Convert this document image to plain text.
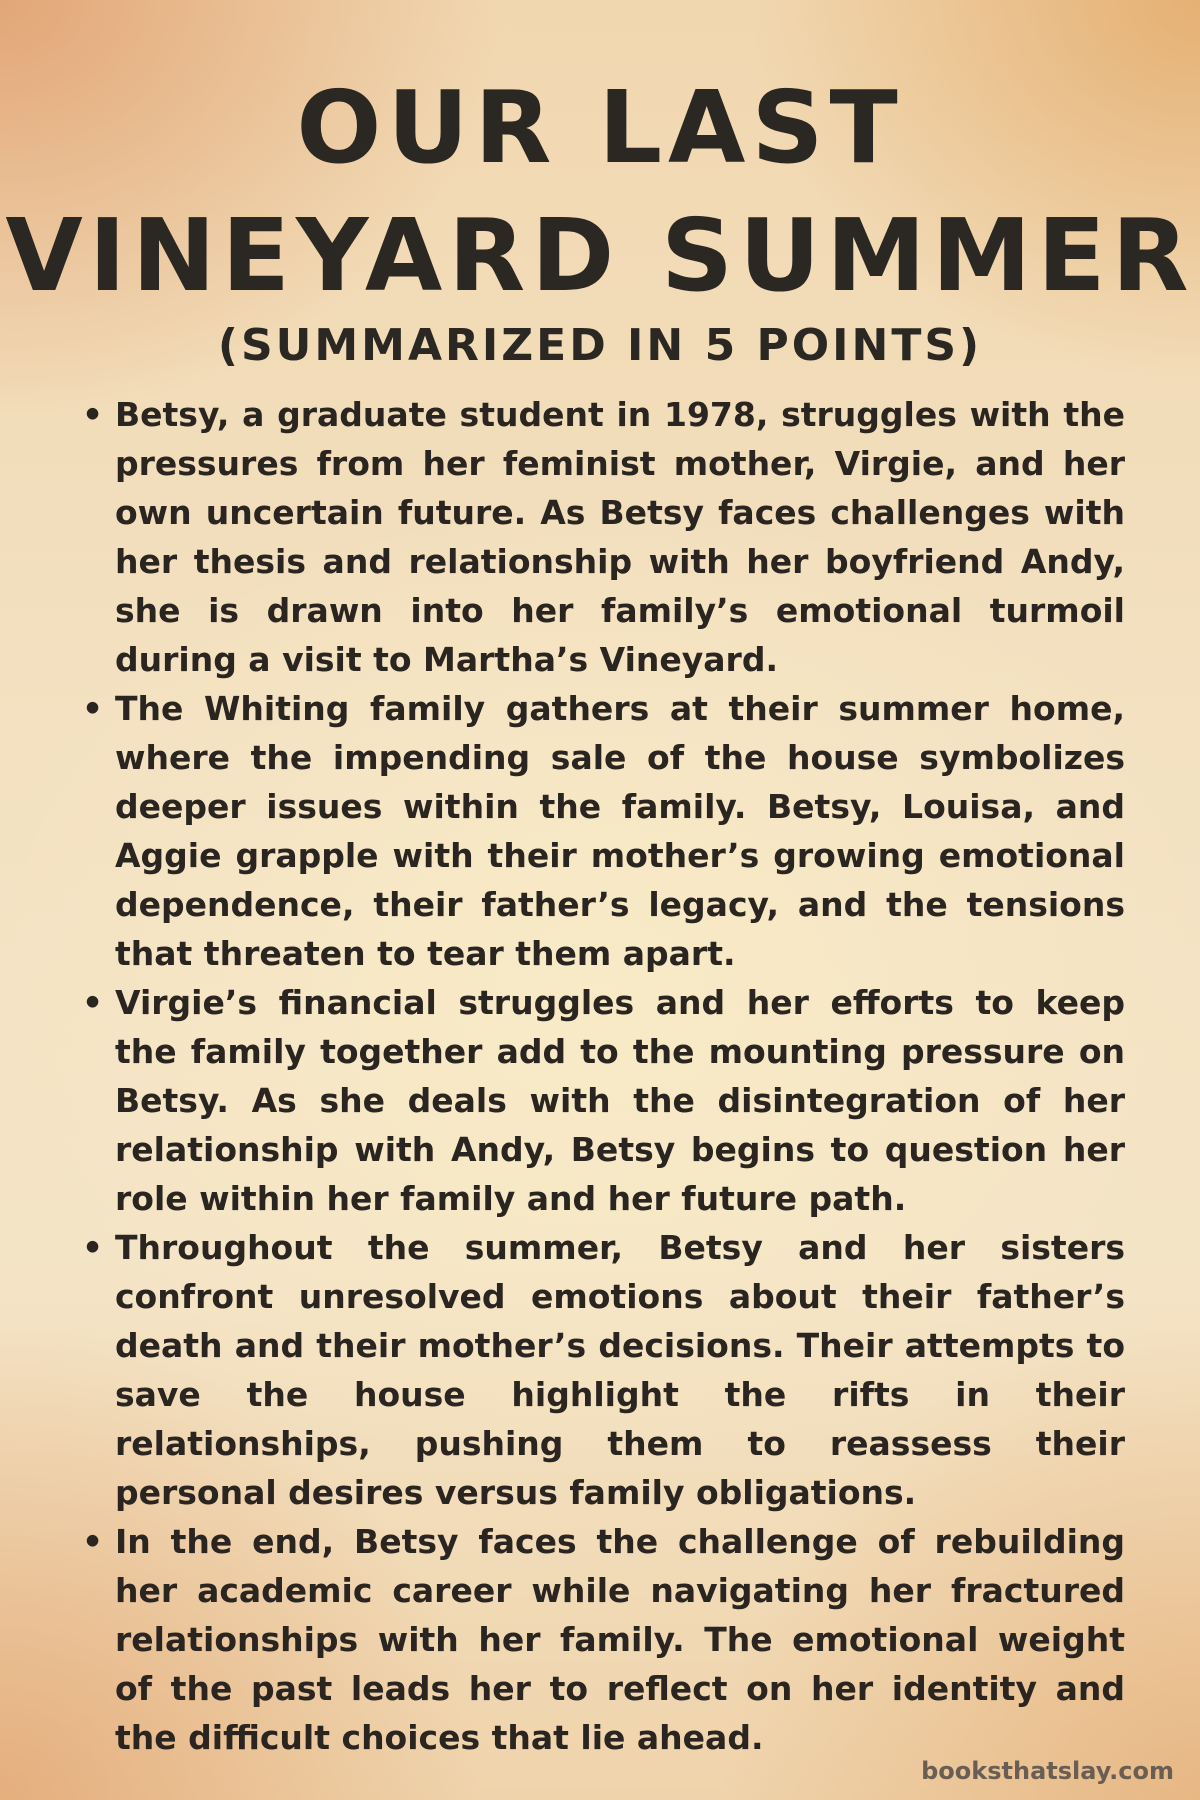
OUR LAST
VINEYARD SUMMER
(SUMMARIZED IN 5 POINTS)
• Betsy, a graduate student in 1978, struggles with the pressures from her feminist mother, Virgie, and her own uncertain future. As Betsy faces challenges with her thesis and relationship with her boyfriend Andy, she is drawn into her family’s emotional turmoil during a visit to Martha’s Vineyard.
• The Whiting family gathers at their summer home, where the impending sale of the house symbolizes deeper issues within the family. Betsy, Louisa, and Aggie grapple with their mother’s growing emotional dependence, their father’s legacy, and the tensions that threaten to tear them apart.
• Virgie’s financial struggles and her efforts to keep the family together add to the mounting pressure on Betsy. As she deals with the disintegration of her relationship with Andy, Betsy begins to question her role within her family and her future path.
• Throughout the summer, Betsy and her sisters confront unresolved emotions about their father’s death and their mother’s decisions. Their attempts to save the house highlight the rifts in their relationships, pushing them to reassess their personal desires versus family obligations.
• In the end, Betsy faces the challenge of rebuilding her academic career while navigating her fractured relationships with her family. The emotional weight of the past leads her to reflect on her identity and the difficult choices that lie ahead.
booksthatslay.com
